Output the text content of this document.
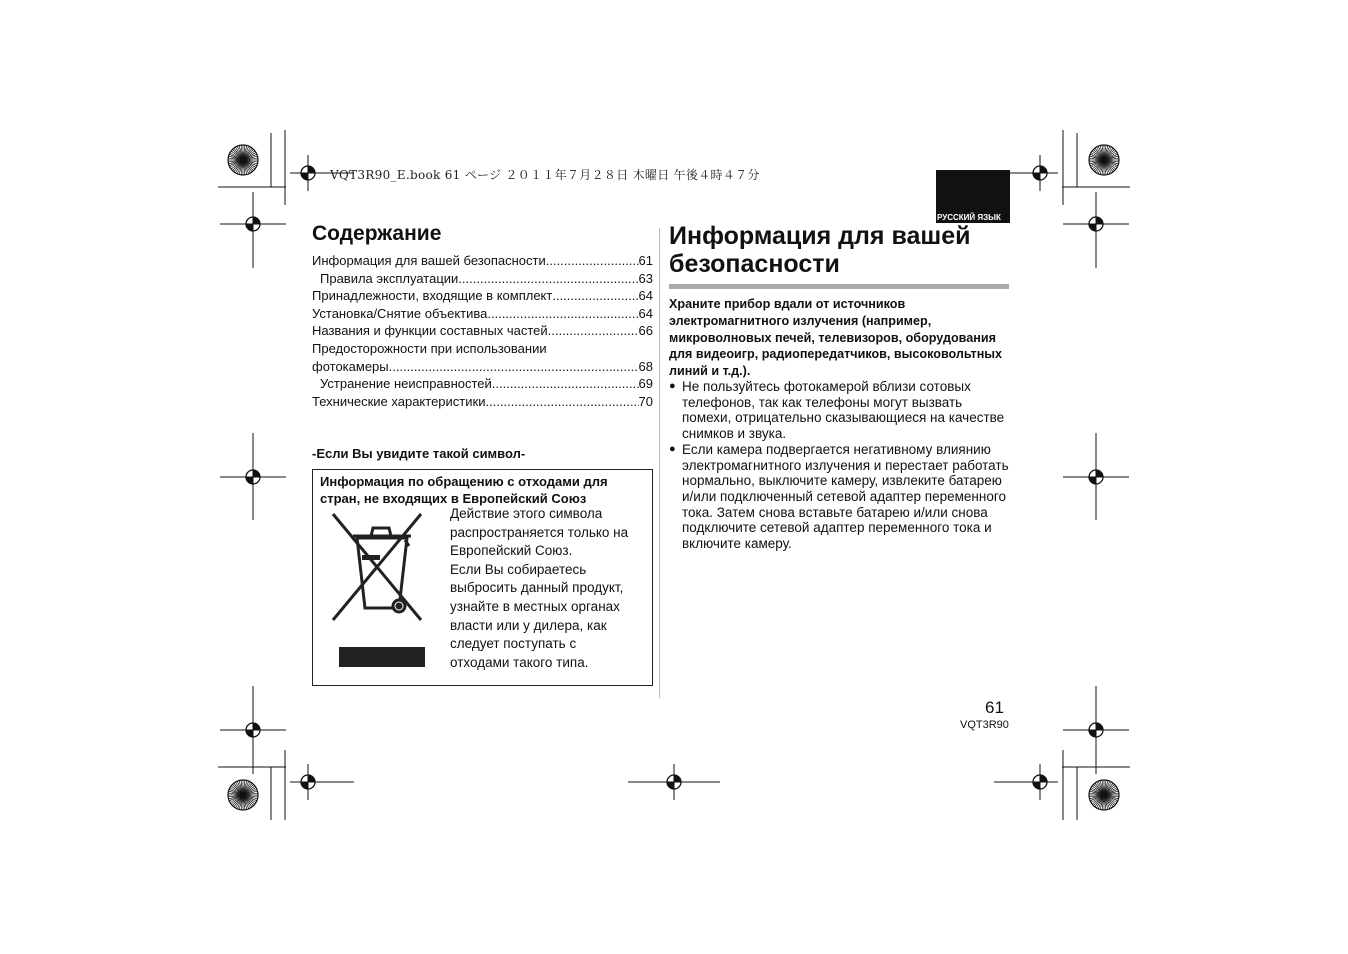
VQT3R90_E.book 61 ページ ２０１１年７月２８日 木曜日 午後４時４７分
РУССКИЙ ЯЗЫК
Содержание
Информация для вашей безопасности .....	61
Правила эксплуатации .....	63
Принадлежности, входящие в комплект .....	64
Установка/Снятие объектива .....	64
Названия и функции составных частей .....	66
Предосторожности при использовании
фотокамеры .....	68
Устранение неисправностей .....	69
Технические характеристики .....	70
-Если Вы увидите такой символ-
Информация по обращению с отходами для стран, не входящих в Европейский Союз
Действие этого символа
распространяется только на
Европейский Союз.
Если Вы собираетесь
выбросить данный продукт,
узнайте в местных органах
власти или у дилера, как
следует поступать с
отходами такого типа.
Информация для вашей безопасности
Храните прибор вдали от источников электромагнитного излучения (например, микроволновых печей, телевизоров, оборудования для видеоигр, радиопередатчиков, высоковольтных линий и т.д.).
● Не пользуйтесь фотокамерой вблизи сотовых телефонов, так как телефоны могут вызвать помехи, отрицательно сказывающиеся на качестве снимков и звука.
● Если камера подвергается негативному влиянию электромагнитного излучения и перестает работать нормально, выключите камеру, извлеките батарею и/или подключенный сетевой адаптер переменного тока. Затем снова вставьте батарею и/или снова подключите сетевой адаптер переменного тока и включите камеру.
61
VQT3R90
